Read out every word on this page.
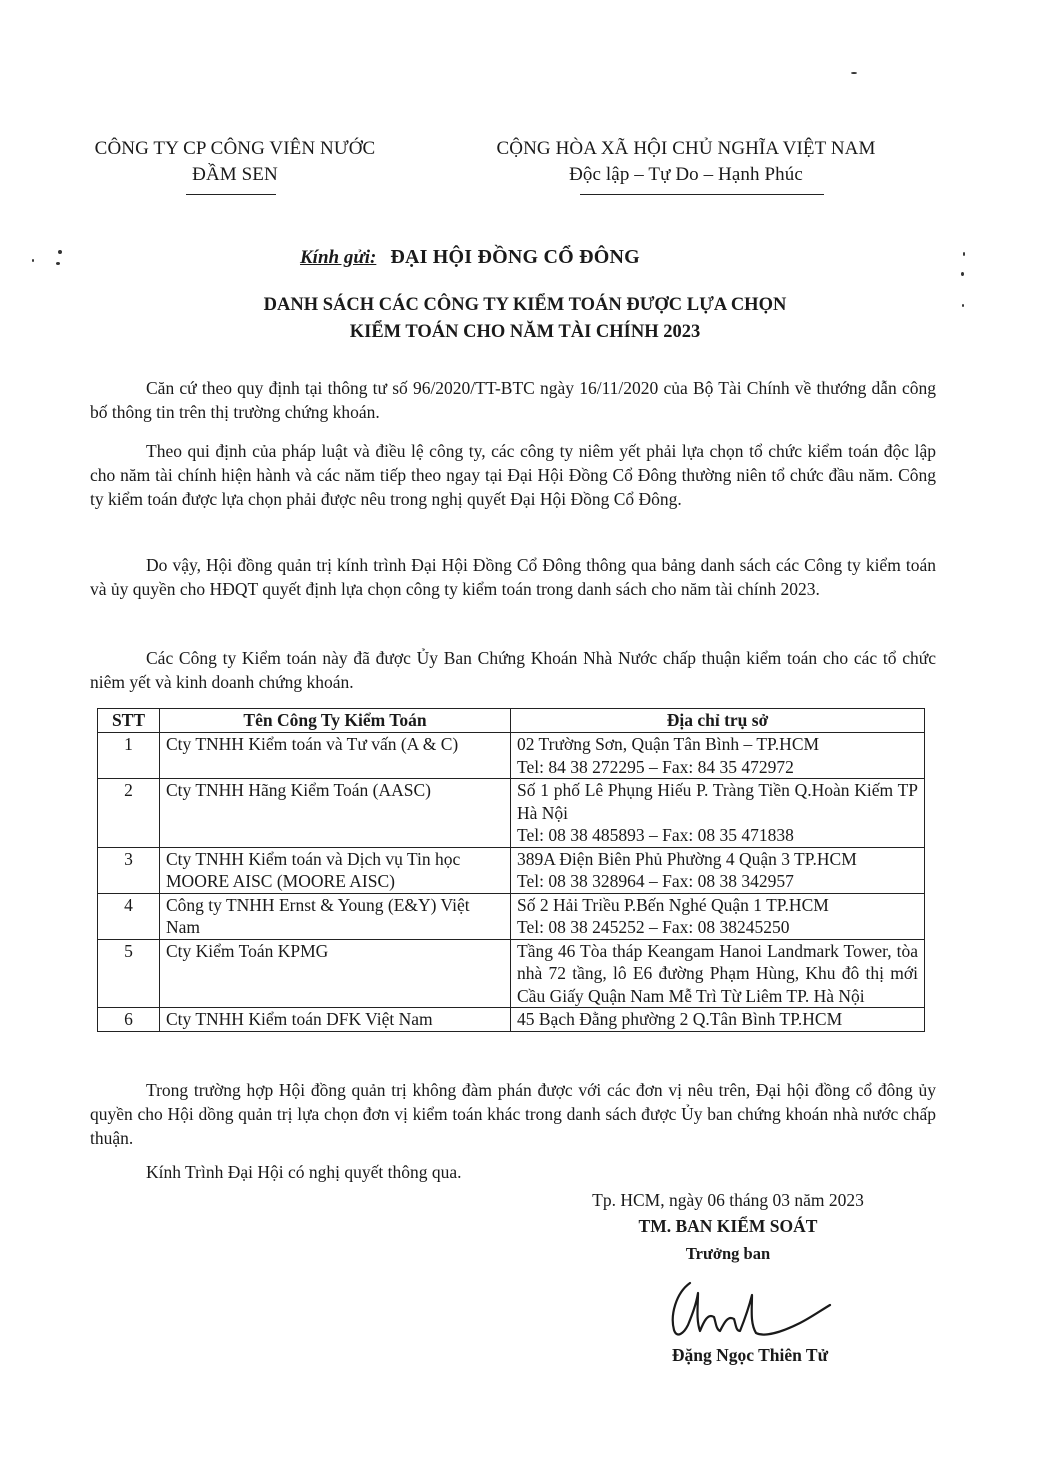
CÔNG TY CP CÔNG VIÊN NƯỚC
ĐẦM SEN
CỘNG HÒA XÃ HỘI CHỦ NGHĨA VIỆT NAM
Độc lập – Tự Do – Hạnh Phúc
Kính gửi: ĐẠI HỘI ĐỒNG CỔ ĐÔNG
DANH SÁCH CÁC CÔNG TY KIỂM TOÁN ĐƯỢC LỰA CHỌN
KIỂM TOÁN CHO NĂM TÀI CHÍNH 2023
Căn cứ theo quy định tại thông tư số 96/2020/TT-BTC ngày 16/11/2020 của Bộ Tài Chính về thướng dẫn công bố thông tin trên thị trường chứng khoán.
Theo qui định của pháp luật và điều lệ công ty, các công ty niêm yết phải lựa chọn tổ chức kiểm toán độc lập cho năm tài chính hiện hành và các năm tiếp theo ngay tại Đại Hội Đồng Cổ Đông thường niên tổ chức đầu năm. Công ty kiểm toán được lựa chọn phải được nêu trong nghị quyết Đại Hội Đồng Cổ Đông.
Do vậy, Hội đồng quản trị kính trình Đại Hội Đồng Cổ Đông thông qua bảng danh sách các Công ty kiểm toán và ủy quyền cho HĐQT quyết định lựa chọn công ty kiểm toán trong danh sách cho năm tài chính 2023.
Các Công ty Kiểm toán này đã được Ủy Ban Chứng Khoán Nhà Nước chấp thuận kiểm toán cho các tổ chức niêm yết và kinh doanh chứng khoán.
STT	Tên Công Ty Kiểm Toán	Địa chỉ trụ sở
1	Cty TNHH Kiểm toán và Tư vấn (A & C)	02 Trường Sơn, Quận Tân Bình – TP.HCM
Tel: 84 38 272295 – Fax: 84 35 472972

2	Cty TNHH Hãng Kiểm Toán (AASC)	Số 1 phố Lê Phụng Hiếu P. Tràng Tiền Q.Hoàn Kiếm TP Hà Nội
Tel: 08 38 485893 – Fax: 08 35 471838

3	Cty TNHH Kiểm toán và Dịch vụ Tin học MOORE AISC (MOORE AISC)	389A Điện Biên Phủ Phường 4 Quận 3 TP.HCM
Tel: 08 38 328964 – Fax: 08 38 342957

4	Công ty TNHH Ernst & Young (E&Y) Việt Nam	Số 2 Hải Triều P.Bến Nghé Quận 1 TP.HCM
Tel: 08 38 245252 – Fax: 08 38245250

5	Cty Kiểm Toán KPMG	Tầng 46 Tòa tháp Keangam Hanoi Landmark Tower, tòa nhà 72 tầng, lô E6 đường Phạm Hùng, Khu đô thị mới Cầu Giấy Quận Nam Mễ Trì Từ Liêm TP. Hà Nội

6	Cty TNHH Kiểm toán DFK Việt Nam	45 Bạch Đằng phường 2 Q.Tân Bình TP.HCM
Trong trường hợp Hội đồng quản trị không đàm phán được với các đơn vị nêu trên, Đại hội đồng cổ đông ủy quyền cho Hội dồng quản trị lựa chọn đơn vị kiểm toán khác trong danh sách được Ủy ban chứng khoán nhà nước chấp thuận.
Kính Trình Đại Hội có nghị quyết thông qua.
Tp. HCM, ngày 06 tháng 03 năm 2023
TM. BAN KIỂM SOÁT
Trưởng ban
Đặng Ngọc Thiên Tử
